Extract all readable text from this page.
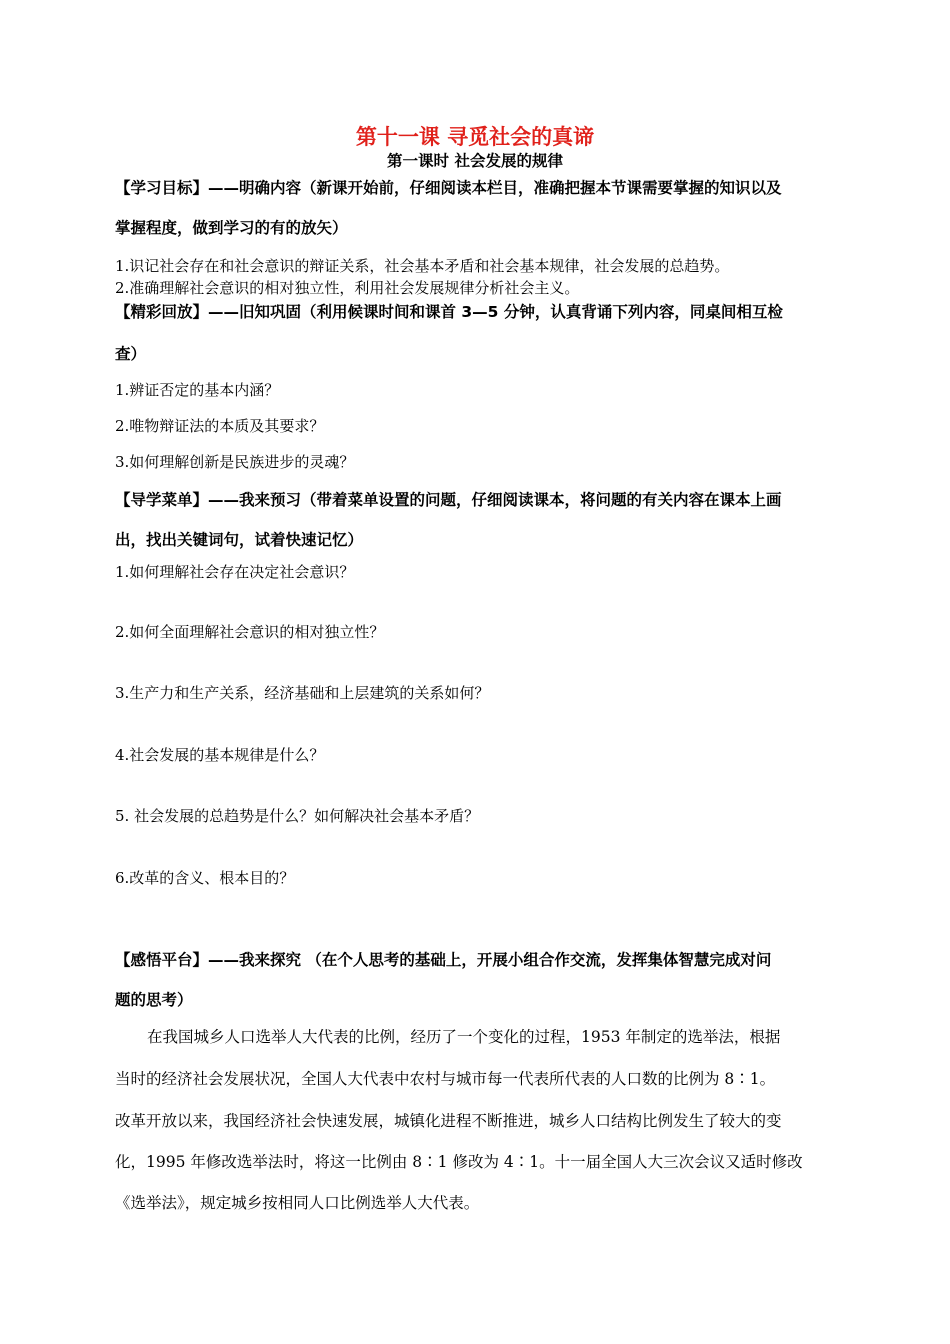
第十一课 寻觅社会的真谛
第一课时 社会发展的规律
【学习目标】——明确内容（新课开始前，仔细阅读本栏目，准确把握本节课需要掌握的知识以及
掌握程度，做到学习的有的放矢）
1.识记社会存在和社会意识的辩证关系，社会基本矛盾和社会基本规律，社会发展的总趋势。
2.准确理解社会意识的相对独立性，利用社会发展规律分析社会主义。
【精彩回放】——旧知巩固（利用候课时间和课首 3—5 分钟，认真背诵下列内容，同桌间相互检
查）
1.辨证否定的基本内涵？
2.唯物辩证法的本质及其要求？
3.如何理解创新是民族进步的灵魂？
【导学菜单】——我来预习（带着菜单设置的问题，仔细阅读课本，将问题的有关内容在课本上画
出，找出关键词句，试着快速记忆）
1.如何理解社会存在决定社会意识？
2.如何全面理解社会意识的相对独立性？
3.生产力和生产关系，经济基础和上层建筑的关系如何？
4.社会发展的基本规律是什么？
5. 社会发展的总趋势是什么？如何解决社会基本矛盾？
6.改革的含义、根本目的？
【感悟平台】——我来探究 （在个人思考的基础上，开展小组合作交流，发挥集体智慧完成对问
题的思考）
在我国城乡人口选举人大代表的比例，经历了一个变化的过程，1953 年制定的选举法，根据
当时的经济社会发展状况，全国人大代表中农村与城市每一代表所代表的人口数的比例为 8∶1。
改革开放以来，我国经济社会快速发展，城镇化进程不断推进，城乡人口结构比例发生了较大的变
化，1995 年修改选举法时，将这一比例由 8∶1 修改为 4∶1。十一届全国人大三次会议又适时修改
《选举法》，规定城乡按相同人口比例选举人大代表。
